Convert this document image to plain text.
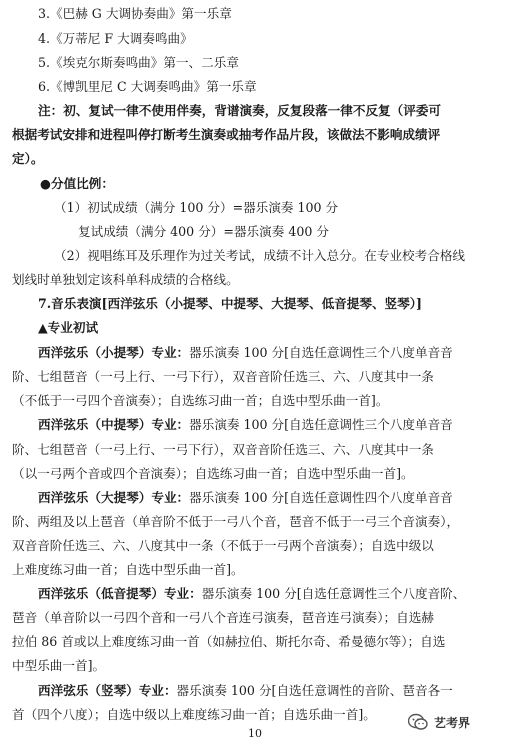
3.《巴赫 G 大调协奏曲》第一乐章
4.《万蒂尼 F 大调奏鸣曲》
5.《埃克尔斯奏鸣曲》第一、二乐章
6.《博凯里尼 C 大调奏鸣曲》第一乐章
注：初、复试一律不使用伴奏，背谱演奏，反复段落一律不反复（评委可
根据考试安排和进程叫停打断考生演奏或抽考作品片段，该做法不影响成绩评
定）。
●分值比例：
（1）初试成绩（满分 100 分）=器乐演奏 100 分
复试成绩（满分 400 分）=器乐演奏 400 分
（2）视唱练耳及乐理作为过关考试，成绩不计入总分。在专业校考合格线
划线时单独划定该科单科成绩的合格线。
7.音乐表演[西洋弦乐（小提琴、中提琴、大提琴、低音提琴、竖琴）]
▲专业初试
西洋弦乐（小提琴）专业：器乐演奏 100 分[自选任意调性三个八度单音音
阶、七组琶音（一弓上行、一弓下行），双音音阶任选三、六、八度其中一条
（不低于一弓四个音演奏）；自选练习曲一首；自选中型乐曲一首]。
西洋弦乐（中提琴）专业：器乐演奏 100 分[自选任意调性三个八度单音音
阶、七组琶音（一弓上行、一弓下行），双音音阶任选三、六、八度其中一条
（以一弓两个音或四个音演奏）；自选练习曲一首；自选中型乐曲一首]。
西洋弦乐（大提琴）专业：器乐演奏 100 分[自选任意调性四个八度单音音
阶、两组及以上琶音（单音阶不低于一弓八个音，琶音不低于一弓三个音演奏），
双音音阶任选三、六、八度其中一条（不低于一弓两个音演奏）；自选中级以
上难度练习曲一首；自选中型乐曲一首]。
西洋弦乐（低音提琴）专业：器乐演奏 100 分[自选任意调性三个八度音阶、
琶音（单音阶以一弓四个音和一弓八个音连弓演奏，琶音连弓演奏）；自选赫
拉伯 86 首或以上难度练习曲一首（如赫拉伯、斯托尔奇、希曼德尔等）；自选
中型乐曲一首]。
西洋弦乐（竖琴）专业：器乐演奏 100 分[自选任意调性的音阶、琶音各一
首（四个八度）；自选中级以上难度练习曲一首；自选乐曲一首]。
艺考界
10
